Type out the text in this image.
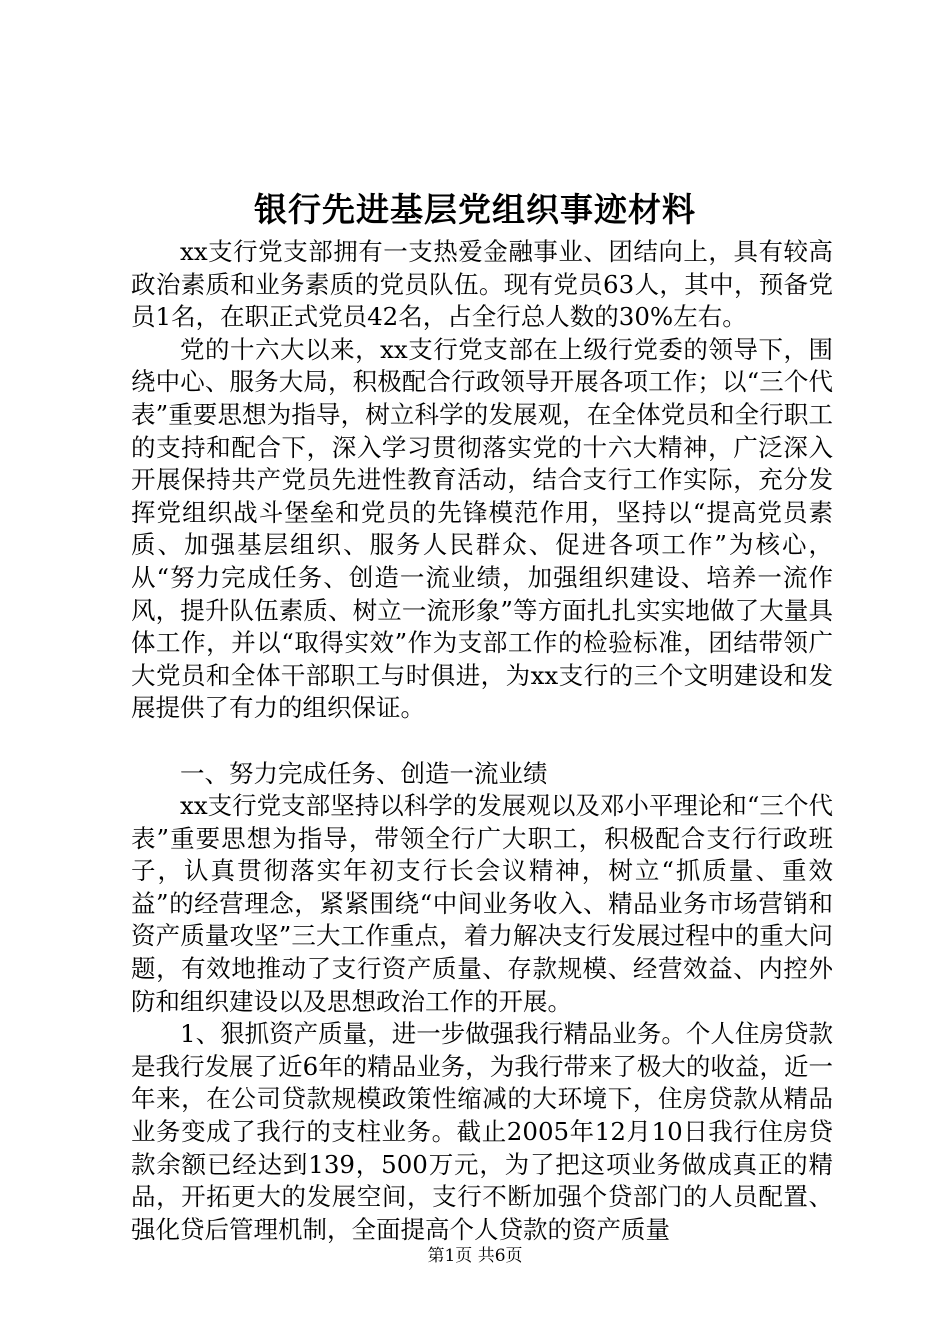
银行先进基层党组织事迹材料

xx支行党支部拥有一支热爱金融事业、团结向上，具有较高政治素质和业务素质的党员队伍。现有党员63人，其中，预备党员1名，在职正式党员42名，占全行总人数的30%左右。

党的十六大以来，xx支行党支部在上级行党委的领导下，围绕中心、服务大局，积极配合行政领导开展各项工作；以“三个代表”重要思想为指导，树立科学的发展观，在全体党员和全行职工的支持和配合下，深入学习贯彻落实党的十六大精神，广泛深入开展保持共产党员先进性教育活动，结合支行工作实际，充分发挥党组织战斗堡垒和党员的先锋模范作用，坚持以“提高党员素质、加强基层组织、服务人民群众、促进各项工作”为核心，从“努力完成任务、创造一流业绩，加强组织建设、培养一流作风，提升队伍素质、树立一流形象”等方面扎扎实实地做了大量具体工作，并以“取得实效”作为支部工作的检验标准，团结带领广大党员和全体干部职工与时俱进，为xx支行的三个文明建设和发展提供了有力的组织保证。

一、努力完成任务、创造一流业绩

xx支行党支部坚持以科学的发展观以及邓小平理论和“三个代表”重要思想为指导，带领全行广大职工，积极配合支行行政班子，认真贯彻落实年初支行长会议精神，树立“抓质量、重效益”的经营理念，紧紧围绕“中间业务收入、精品业务市场营销和资产质量攻坚”三大工作重点，着力解决支行发展过程中的重大问题，有效地推动了支行资产质量、存款规模、经营效益、内控外防和组织建设以及思想政治工作的开展。

1、狠抓资产质量，进一步做强我行精品业务。个人住房贷款是我行发展了近6年的精品业务，为我行带来了极大的收益，近一年来，在公司贷款规模政策性缩减的大环境下，住房贷款从精品业务变成了我行的支柱业务。截止2005年12月10日我行住房贷款余额已经达到139，500万元，为了把这项业务做成真正的精品，开拓更大的发展空间，支行不断加强个贷部门的人员配置、强化贷后管理机制，全面提高个人贷款的资产质量

第1页 共6页
